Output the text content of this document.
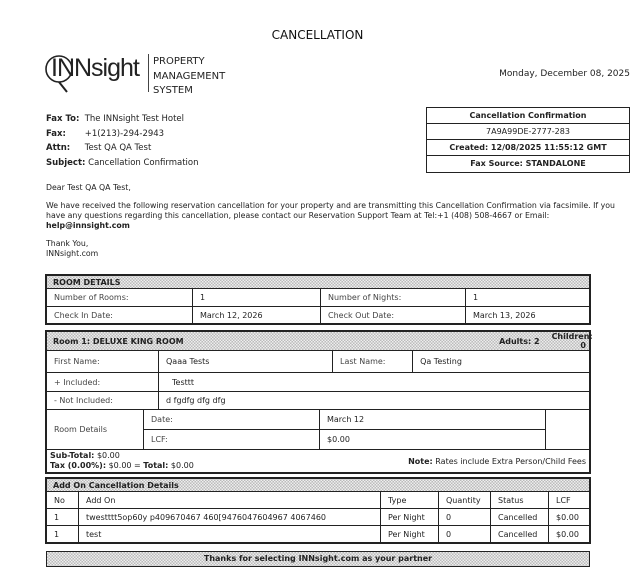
CANCELLATION
INNsight.
PROPERTY
MANAGEMENT
SYSTEM
Monday, December 08, 2025
Fax To: The INNsight Test Hotel
Fax: +1(213)-294-2943
Attn: Test QA QA Test
Subject: Cancellation Confirmation
Cancellation Confirmation
7A9A99DE-2777-283
Created: 12/08/2025 11:55:12 GMT
Fax Source: STANDALONE
Dear Test QA QA Test,
We have received the following reservation cancellation for your property and are transmitting this Cancellation Confirmation via facsimile. If you have any questions regarding this cancellation, please contact our Reservation Support Team at Tel:+1 (408) 508-4667 or Email:
help@innsight.com
Thank You,
INNsight.com
ROOM DETAILS			
Number of Rooms:	1	Number of Nights:	1
Check In Date:	March 12, 2026	Check Out Date:	March 13, 2026
Room 1: DELUXE KING ROOM					Adults: 2	Children: 0
First Name:		Qaaa Tests		Last Name:	Qa Testing	
+ Included:		Testtt				
- Not Included:		d fgdfg dfg dfg				
Room Details	Date:		March 12			
	LCF:		$0.00			

Sub-Total: $0.00
Tax (0.00%): $0.00 = Total: $0.00 Note: Rates include Extra Person/Child Fees						
Add On Cancellation Details					
No	Add On	Type	Quantity	Status	LCF
1	twestttt5op60y p409670467 460[9476047604967 4067460	Per Night	0	Cancelled	$0.00
1	test	Per Night	0	Cancelled	$0.00
Thanks for selecting INNsight.com as your partner
